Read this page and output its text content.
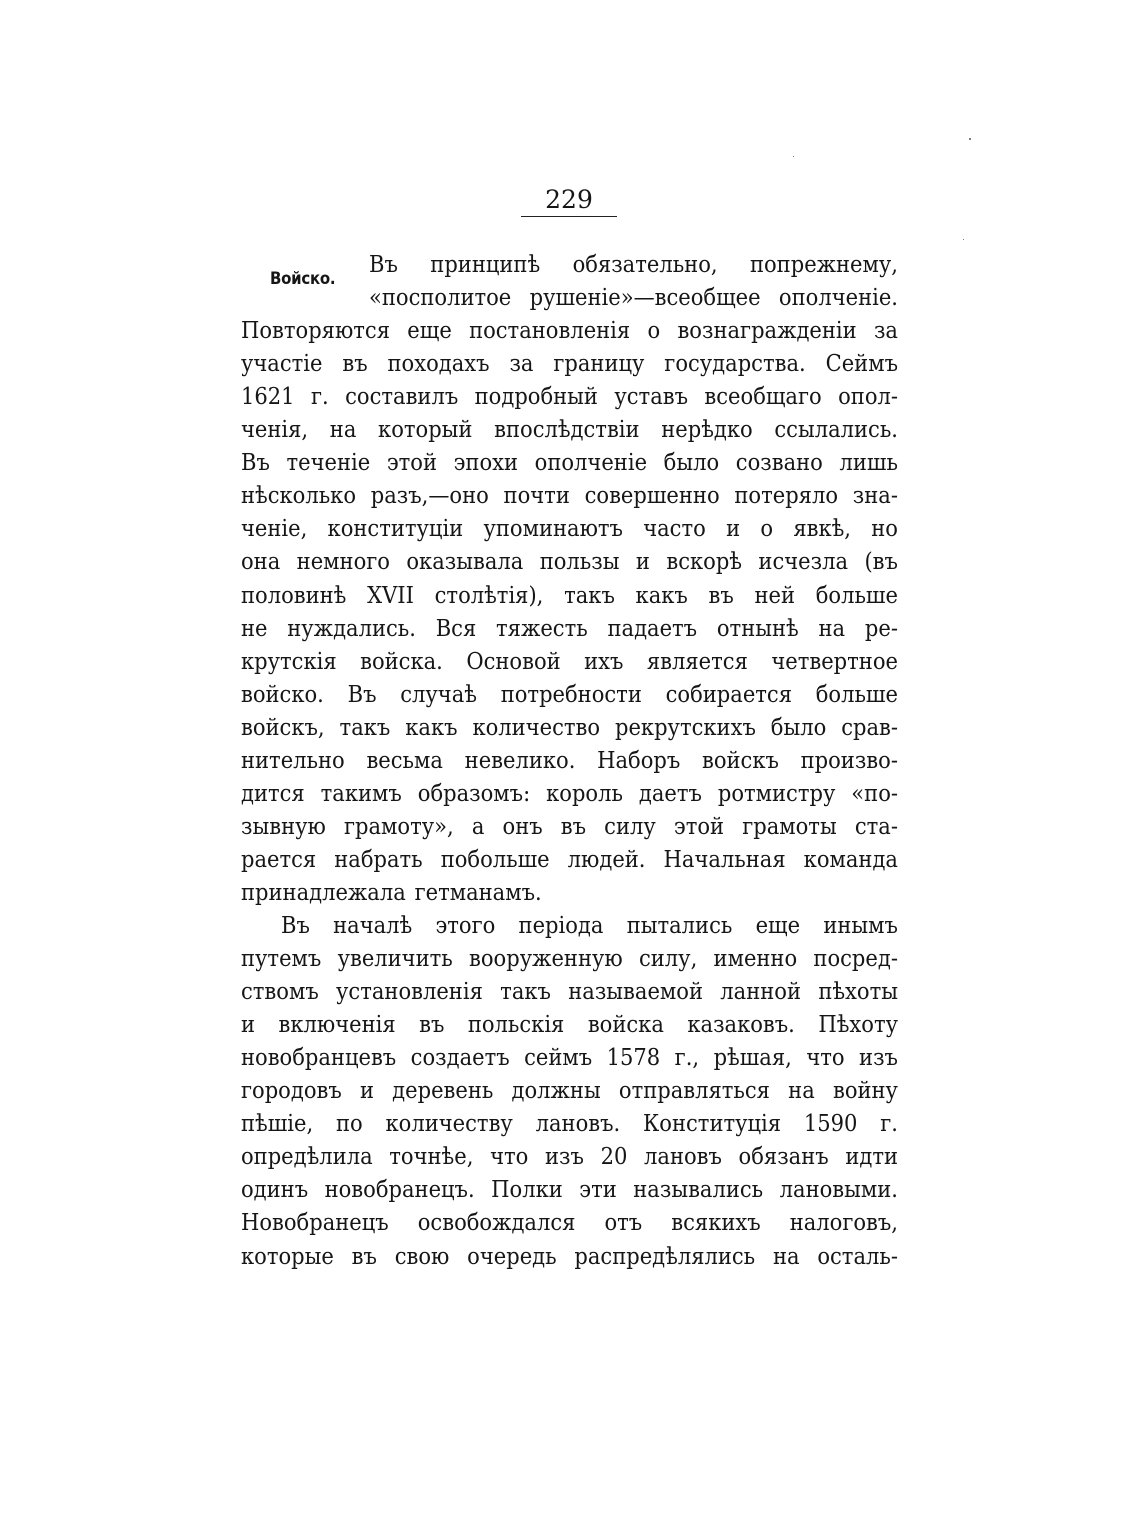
229
Войско.
Въ принципѣ обязательно, попрежнему,
«посполитое рушеніе»—всеобщее ополченіе.
Повторяются еще постановленія о вознагражденіи за
участіе въ походахъ за границу государства. Сеймъ
1621 г. составилъ подробный уставъ всеобщаго опол-
ченія, на который впослѣдствіи нерѣдко ссылались.
Въ теченіе этой эпохи ополченіе было созвано лишь
нѣсколько разъ,—оно почти совершенно потеряло зна-
ченіе, конституціи упоминаютъ часто и о явкѣ, но
она немного оказывала пользы и вскорѣ исчезла (въ
половинѣ XVII столѣтія), такъ какъ въ ней больше
не нуждались. Вся тяжесть падаетъ отнынѣ на ре-
крутскія войска. Основой ихъ является четвертное
войско. Въ случаѣ потребности собирается больше
войскъ, такъ какъ количество рекрутскихъ было срав-
нительно весьма невелико. Наборъ войскъ произво-
дится такимъ образомъ: король даетъ ротмистру «по-
зывную грамоту», а онъ въ силу этой грамоты ста-
рается набрать побольше людей. Начальная команда
принадлежала гетманамъ.
Въ началѣ этого періода пытались еще инымъ
путемъ увеличить вооруженную силу, именно посред-
ствомъ установленія такъ называемой ланной пѣхоты
и включенія въ польскія войска казаковъ. Пѣхоту
новобранцевъ создаетъ сеймъ 1578 г., рѣшая, что изъ
городовъ и деревень должны отправляться на войну
пѣшіе, по количеству лановъ. Конституція 1590 г.
опредѣлила точнѣе, что изъ 20 лановъ обязанъ идти
одинъ новобранецъ. Полки эти назывались лановыми.
Новобранецъ освобождался отъ всякихъ налоговъ,
которые въ свою очередь распредѣлялись на осталь-
